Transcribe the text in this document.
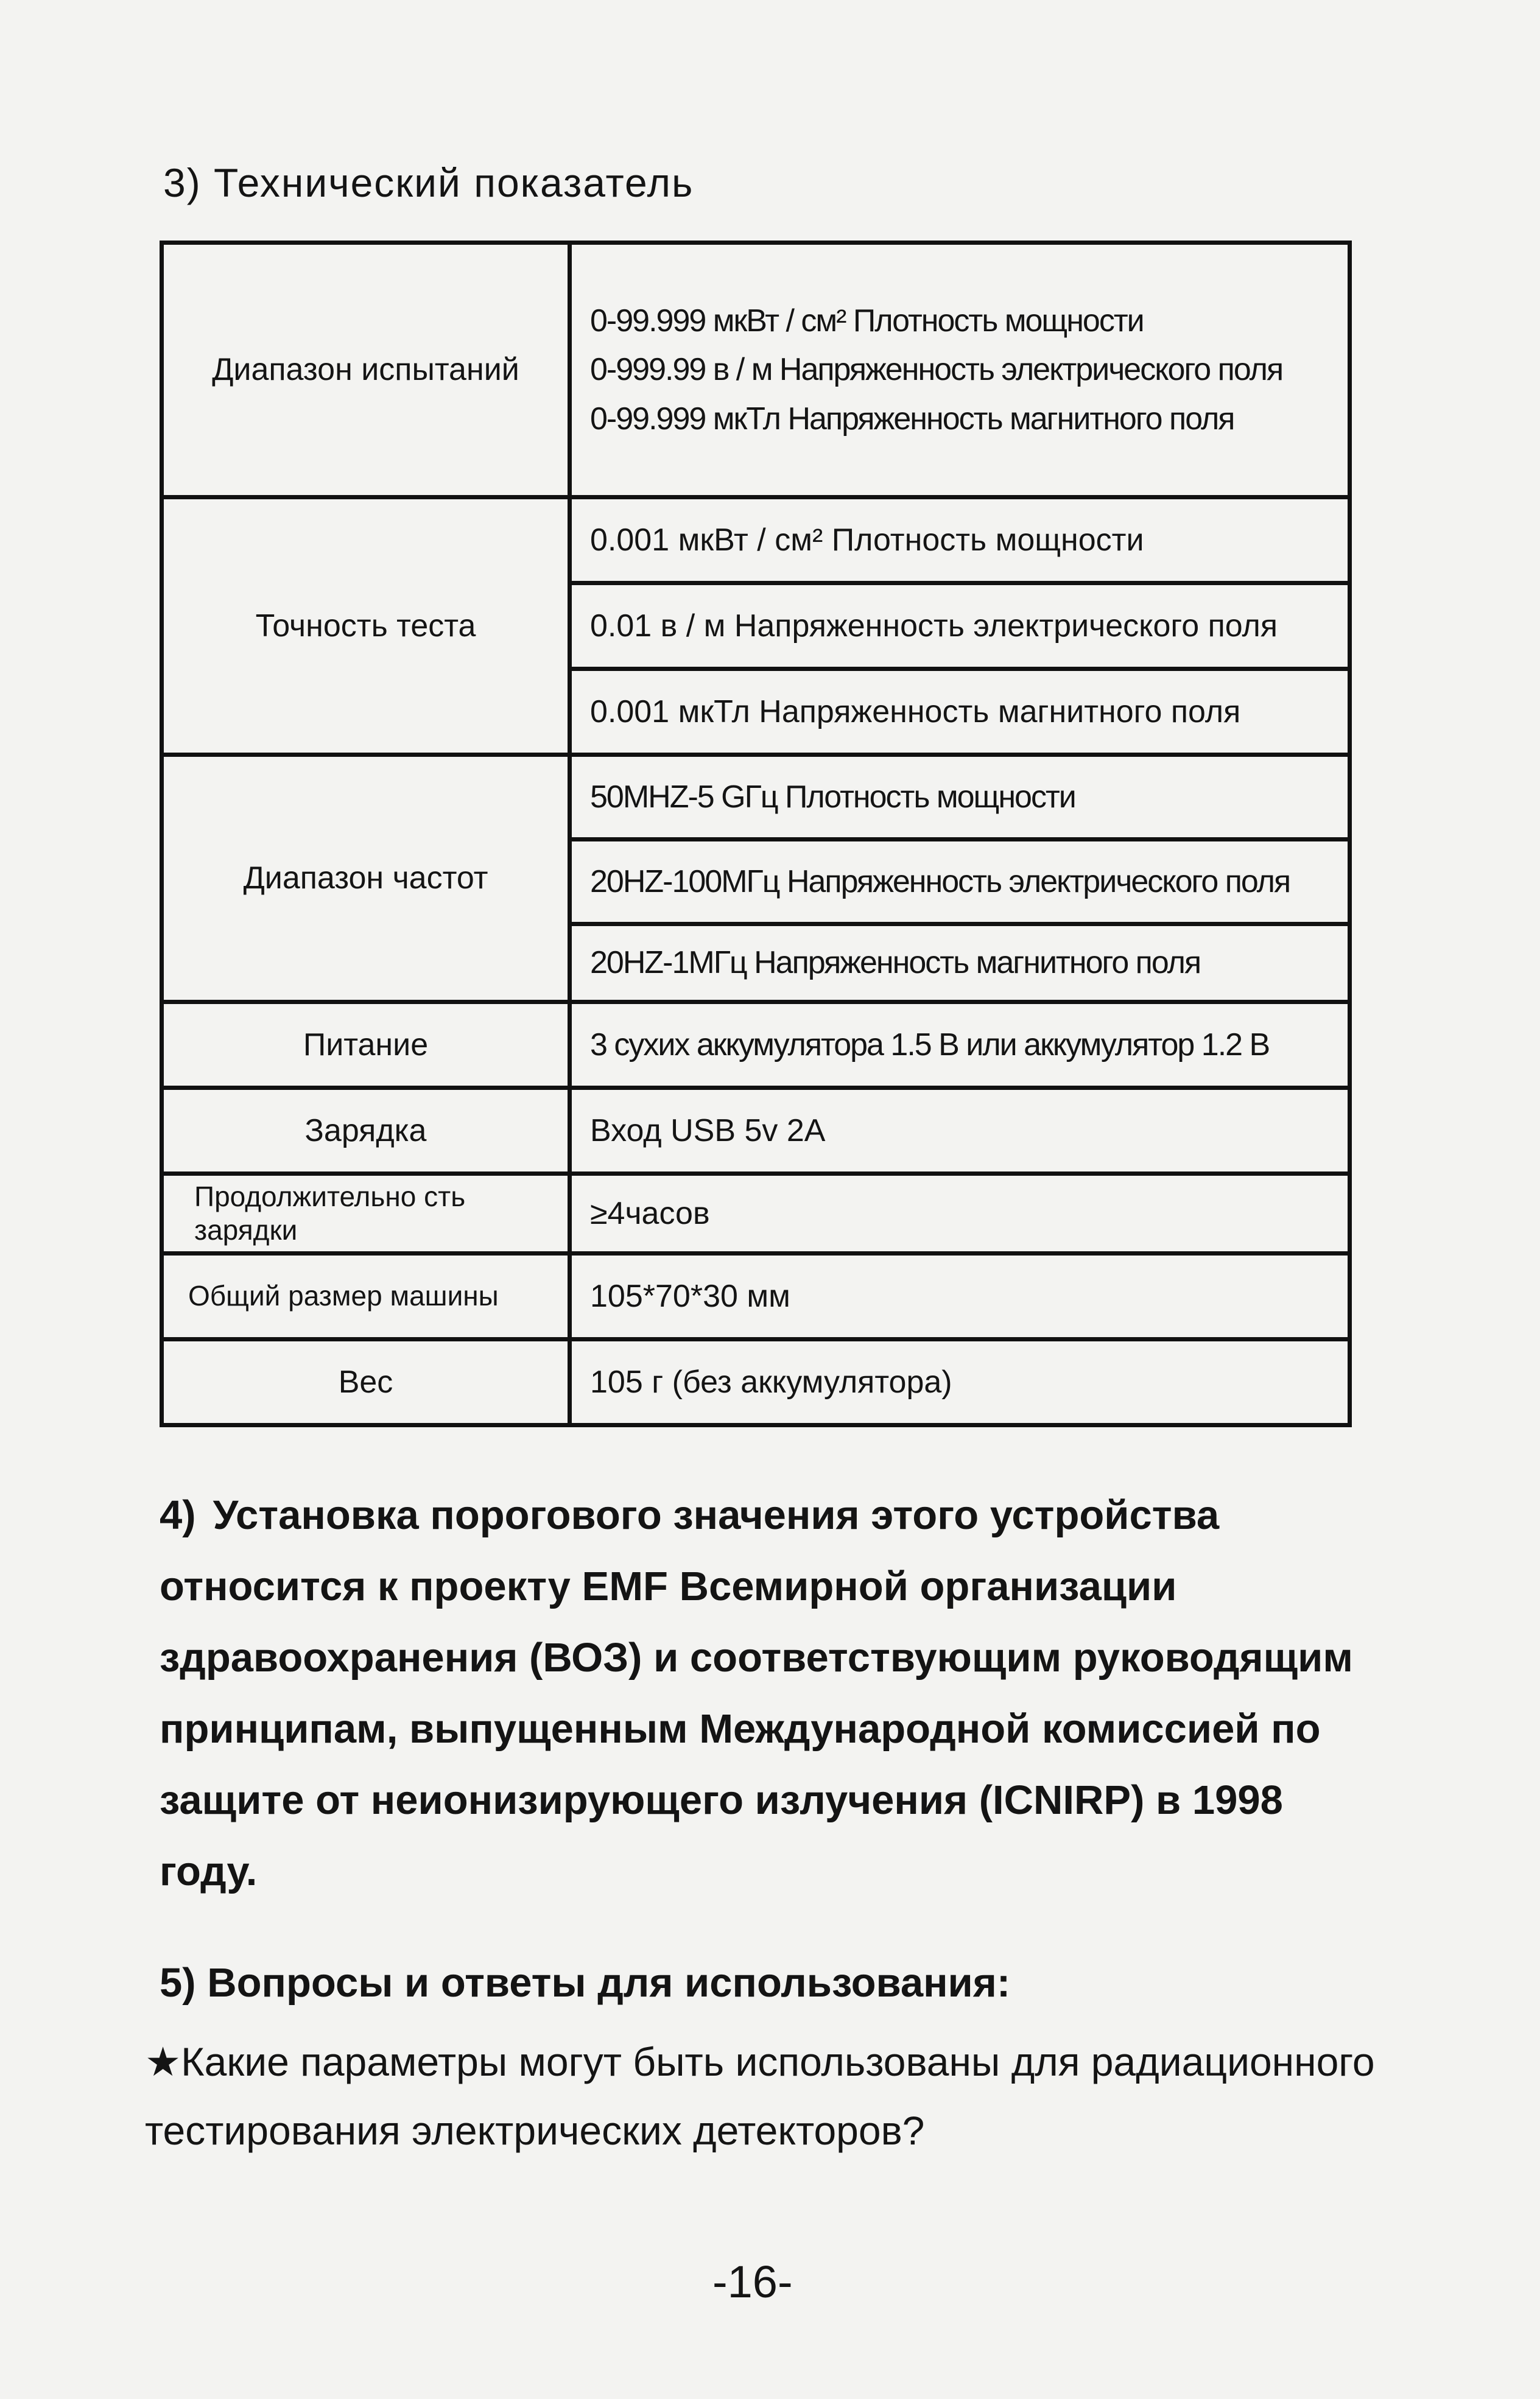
3) Технический показатель
Диапазон испытаний	0-99.999 мкВт / см² Плотность мощности
0-999.99 в / м Напряженность электрического поля
0-99.999 мкТл Напряженность магнитного поля

Точность теста	0.001 мкВт / см² Плотность мощности
	0.01 в / м Напряженность электрического поля
	0.001 мкТл Напряженность магнитного поля
Диапазон частот	50MHZ-5 GГц Плотность мощности
	20HZ-100МГц Напряженность электрического поля
	20HZ-1МГц Напряженность магнитного поля
Питание	3 сухих аккумулятора 1.5 В или аккумулятор 1.2 В
Зарядка	Вход USB 5v 2A
Продолжительно сть зарядки	≥4часов
Общий размер машины	105*70*30 мм
Вес	105 г (без аккумулятора)

4) Установка порогового значения этого устройства относится к проекту EMF Всемирной организации здравоохранения (ВОЗ) и соответствующим руководящим принципам, выпущенным Международной комиссией по защите от неионизирующего излучения (ICNIRP) в 1998 году.

5) Вопросы и ответы для использования:

★Какие параметры могут быть использованы для радиационного тестирования электрических детекторов?

-16-
